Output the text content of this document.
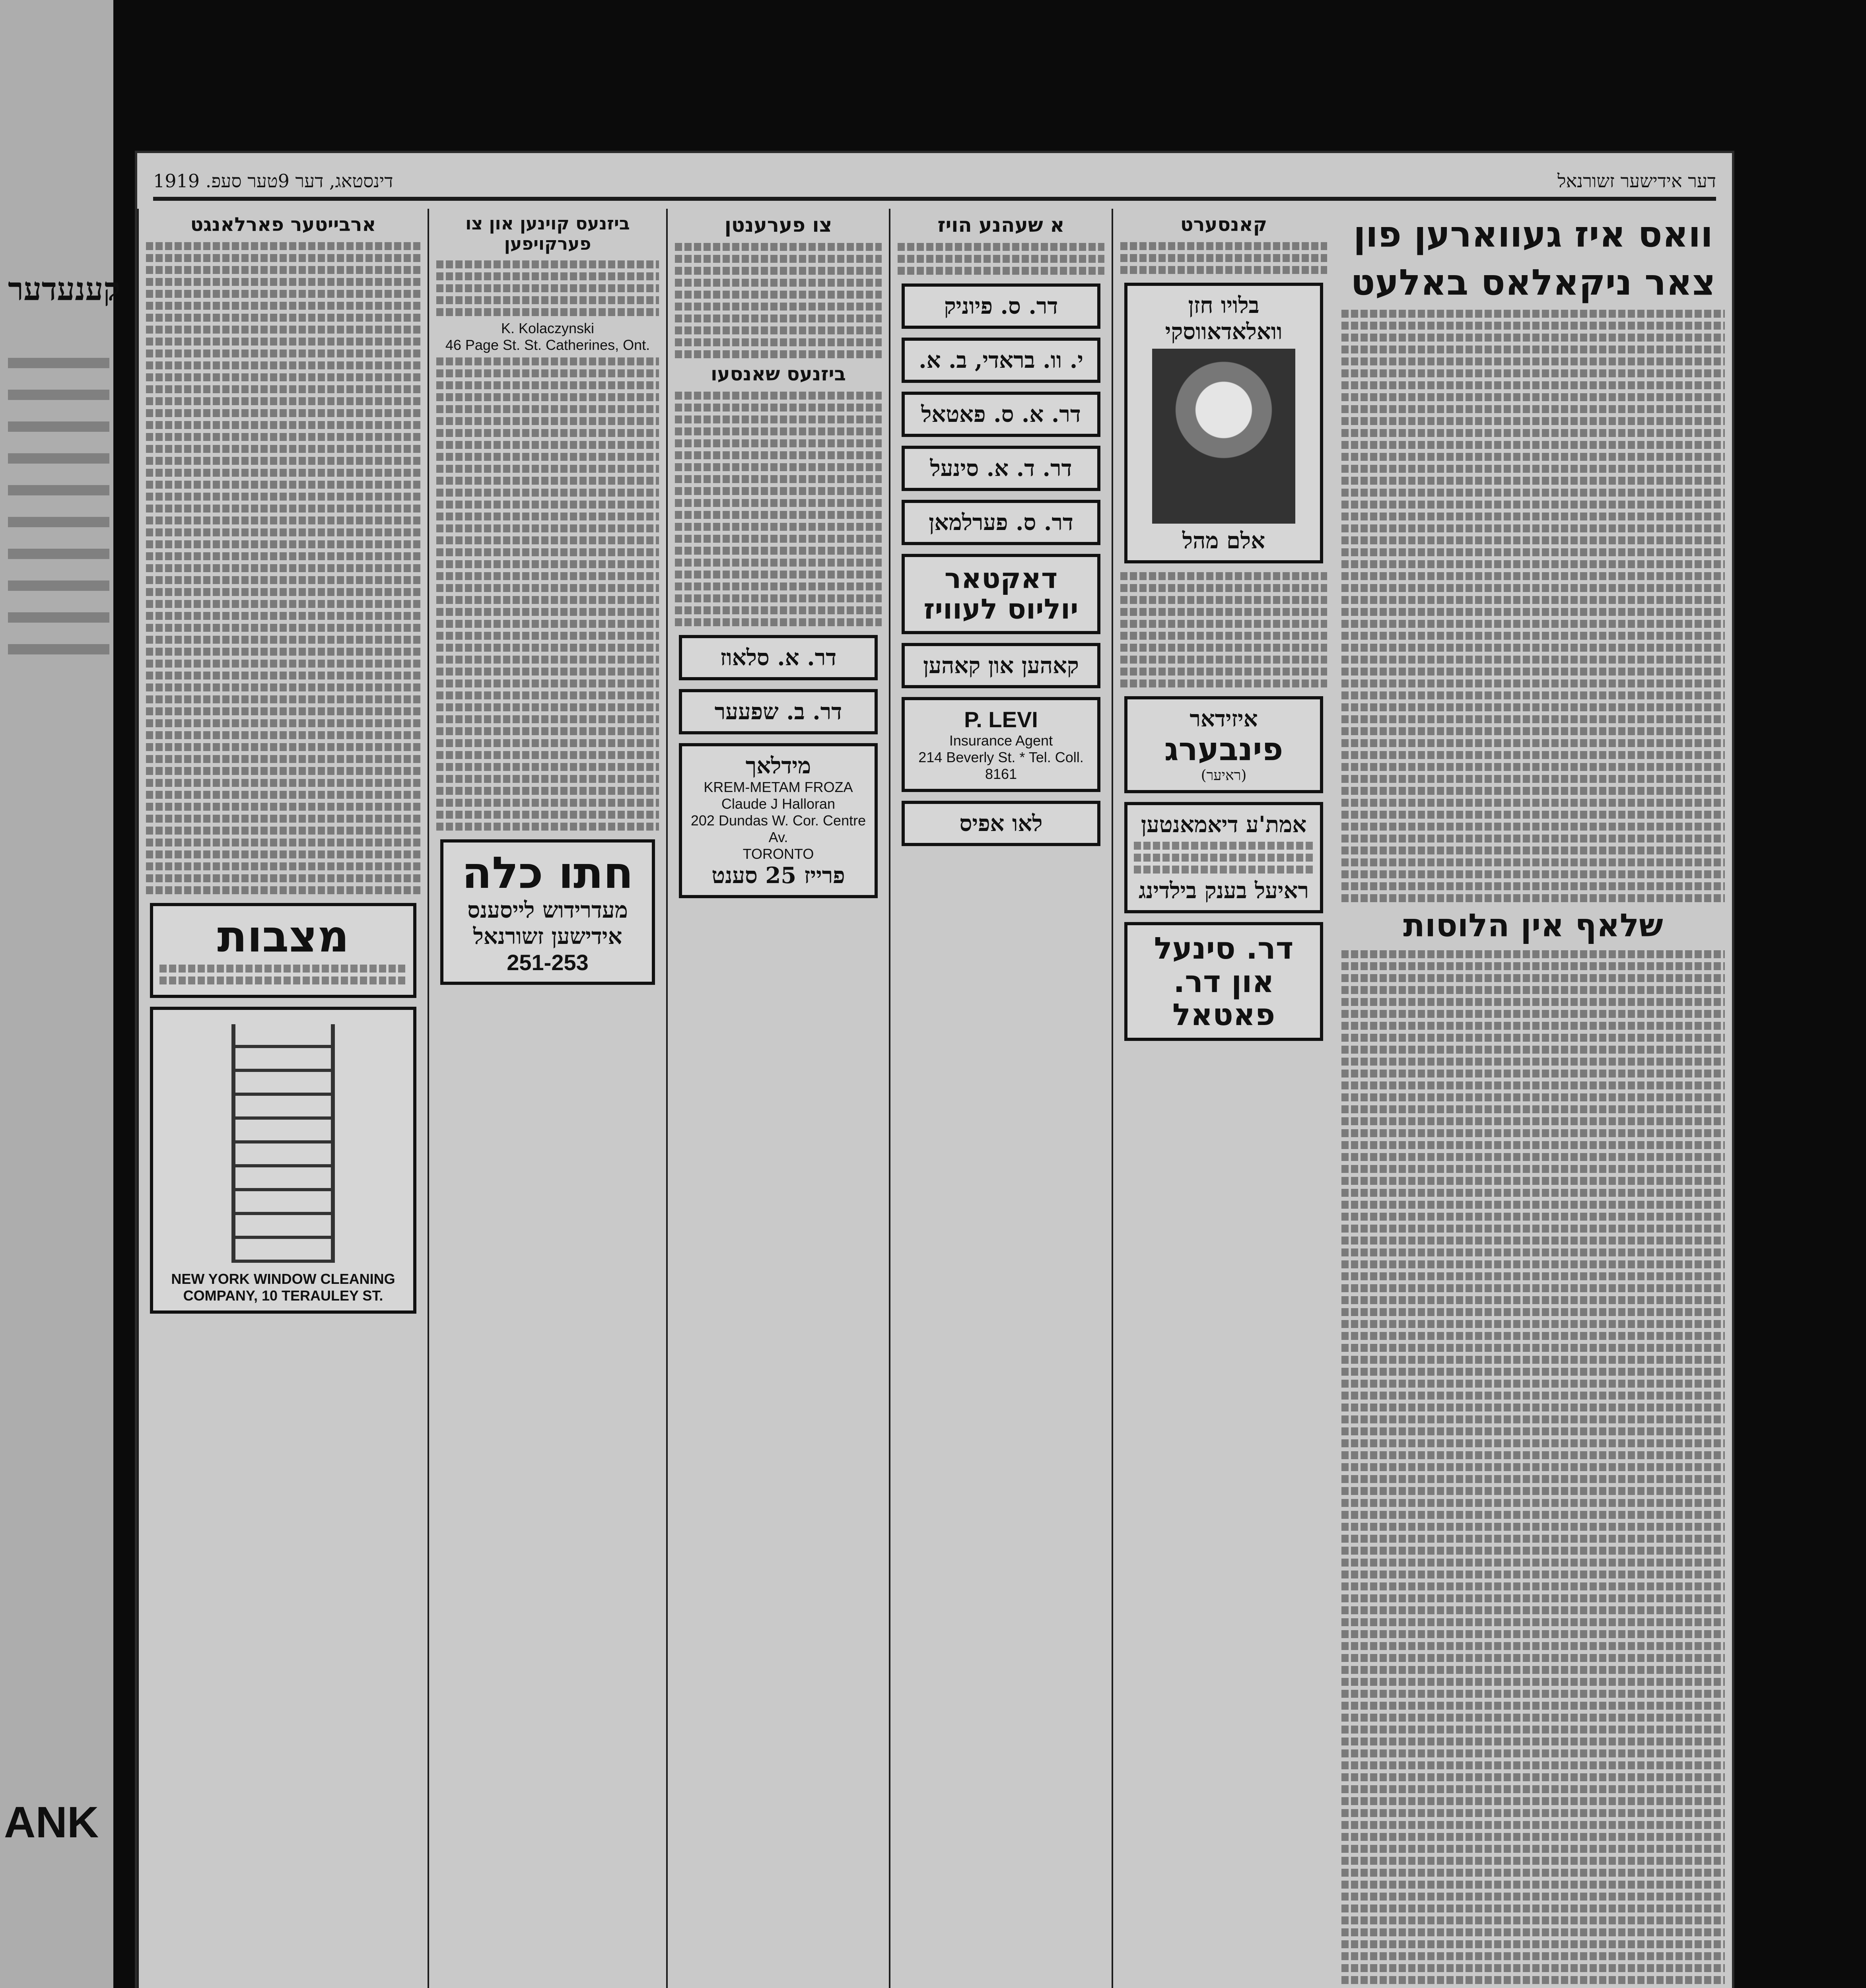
קענעדער
ANK
דער אידישער זשורנאל
דינסטאג, דער 9טער סעפ. 1919
וואס איז געווארען פון
צאר ניקאלאס באלעט
שלאף אין הלוסות
קאנסערט
בלויו חזן וואלאדאווסקי
אלם מהל
איזידאר
פינבערג
(ראיער)
אמת'ע דיאמאנטען
ראיעל בענק בילדינג
דר. סינעל און דר. פאטאל
א שעהנע הויז
דר. ס. פיוניק
י. וו. בראדי, ב. א.
דר. א. ס. פאטאל
דר. ד. א. סינעל
דר. ס. פערלמאן
דאקטאר יוליוס לעוויז
קאהען און קאהען
P. LEVI
Insurance Agent
214 Beverly St. * Tel. Coll. 8161
לאו אפיס
צו פערענטן
ביזנעס שאנסעו
דר. א. סלאוז
דר. ב. שפעער
מידלאך
KREM-METAM FROZA
Claude J Halloran
202 Dundas W. Cor. Centre Av.
TORONTO
פרייז 25 סענט
ביזנעס קוינען און צו פערקויפען
K. Kolaczynski
46 Page St. St. Catherines, Ont.
חתו כלה
מעדרידוש לייסענס
אידישען זשורנאל
251-253
ארבייטער פארלאנגט
מצבות
NEW YORK WINDOW CLEANING
COMPANY, 10 TERAULEY ST.
